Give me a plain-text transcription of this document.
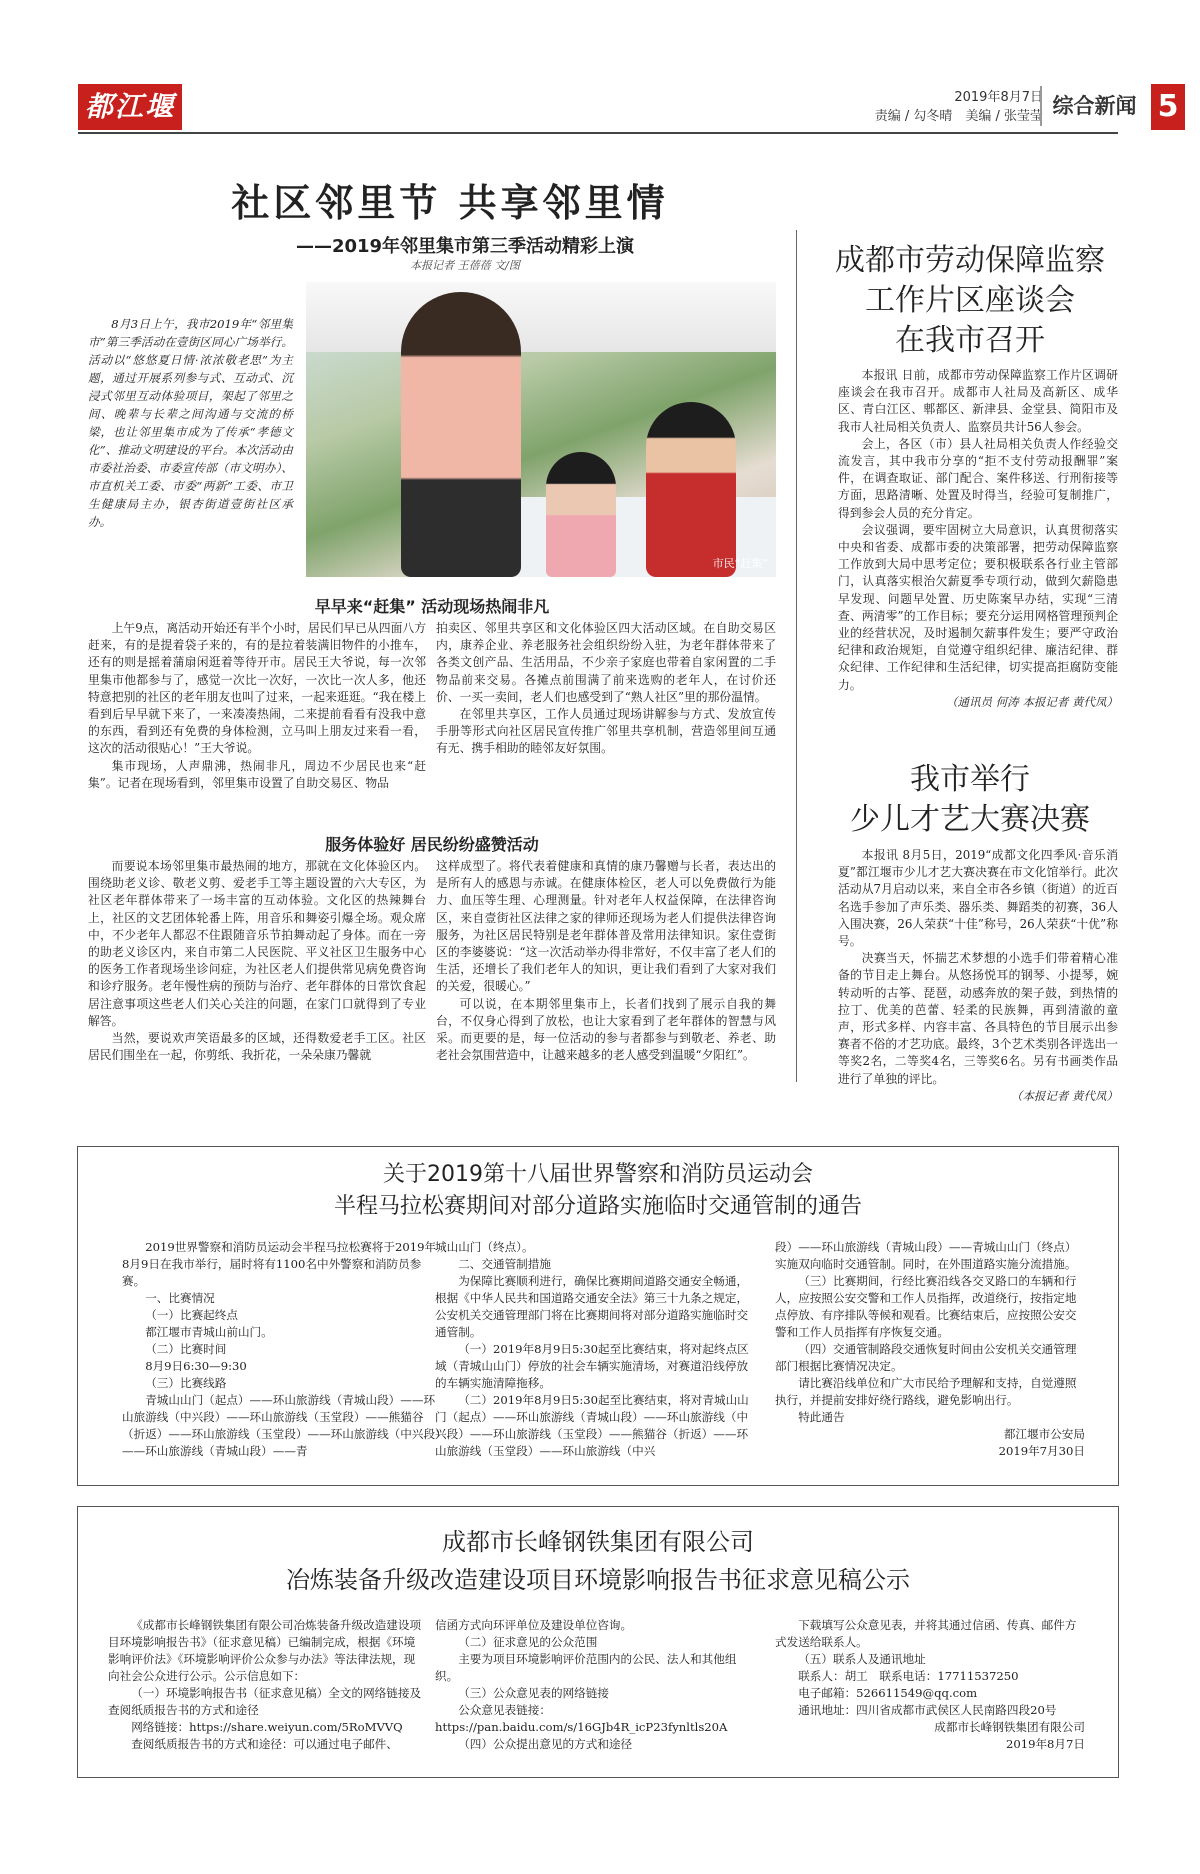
都江堰报
2019年8月7日
责编 / 勾冬晴　美编 / 张莹莹 综合新闻 5
社区邻里节 共享邻里情
——2019年邻里集市第三季活动精彩上演
本报记者 王蓓蓓 文/图

8月3日上午，我市2019年“邻里集市”第三季活动在壹街区同心广场举行。活动以“悠悠夏日情·浓浓敬老思”为主题，通过开展系列参与式、互动式、沉浸式邻里互动体验项目，架起了邻里之间、晚辈与长辈之间沟通与交流的桥梁，也让邻里集市成为了传承“孝德文化”、推动文明建设的平台。本次活动由市委社治委、市委宣传部（市文明办）、市直机关工委、市委“两新”工委、市卫生健康局主办，银杏街道壹街社区承办。

市民“赶集”
早早来“赶集” 活动现场热闹非凡

上午9点，离活动开始还有半个小时，居民们早已从四面八方赶来，有的是提着袋子来的，有的是拉着装满旧物件的小推车，还有的则是摇着蒲扇闲逛着等待开市。居民王大爷说，每一次邻里集市他都参与了，感觉一次比一次好，一次比一次人多，他还特意把别的社区的老年朋友也叫了过来，一起来逛逛。“我在楼上看到后早早就下来了，一来凑凑热闹，二来提前看看有没我中意的东西，看到还有免费的身体检测，立马叫上朋友过来看一看，这次的活动很贴心！”王大爷说。

集市现场，人声鼎沸，热闹非凡，周边不少居民也来“赶集”。记者在现场看到，邻里集市设置了自助交易区、物品

拍卖区、邻里共享区和文化体验区四大活动区域。在自助交易区内，康养企业、养老服务社会组织纷纷入驻，为老年群体带来了各类文创产品、生活用品，不少亲子家庭也带着自家闲置的二手物品前来交易。各摊点前围满了前来选购的老年人，在讨价还价、一买一卖间，老人们也感受到了“熟人社区”里的那份温情。

在邻里共享区，工作人员通过现场讲解参与方式、发放宣传手册等形式向社区居民宣传推广邻里共享机制，营造邻里间互通有无、携手相助的睦邻友好氛围。

服务体验好 居民纷纷盛赞活动

而要说本场邻里集市最热闹的地方，那就在文化体验区内。围绕助老义诊、敬老义剪、爱老手工等主题设置的六大专区，为社区老年群体带来了一场丰富的互动体验。文化区的热辣舞台上，社区的文艺团体轮番上阵，用音乐和舞姿引爆全场。观众席中，不少老年人都忍不住跟随音乐节拍舞动起了身体。而在一旁的助老义诊区内，来自市第二人民医院、平义社区卫生服务中心的医务工作者现场坐诊问症，为社区老人们提供常见病免费咨询和诊疗服务。老年慢性病的预防与治疗、老年群体的日常饮食起居注意事项这些老人们关心关注的问题，在家门口就得到了专业解答。

当然，要说欢声笑语最多的区域，还得数爱老手工区。社区居民们围坐在一起，你剪纸、我折花，一朵朵康乃馨就

这样成型了。将代表着健康和真情的康乃馨赠与长者，表达出的是所有人的感恩与赤诚。在健康体检区，老人可以免费做行为能力、血压等生理、心理测量。针对老年人权益保障，在法律咨询区，来自壹街社区法律之家的律师还现场为老人们提供法律咨询服务，为社区居民特别是老年群体普及常用法律知识。家住壹街区的李婆婆说：“这一次活动举办得非常好，不仅丰富了老人们的生活，还增长了我们老年人的知识，更让我们看到了大家对我们的关爱，很暖心。”

可以说，在本期邻里集市上，长者们找到了展示自我的舞台，不仅身心得到了放松，也让大家看到了老年群体的智慧与风采。而更要的是，每一位活动的参与者都参与到敬老、养老、助老社会氛围营造中，让越来越多的老人感受到温暖“夕阳红”。

成都市劳动保障监察
工作片区座谈会
在我市召开

本报讯 日前，成都市劳动保障监察工作片区调研座谈会在我市召开。成都市人社局及高新区、成华区、青白江区、郫都区、新津县、金堂县、简阳市及我市人社局相关负责人、监察员共计56人参会。

会上，各区（市）县人社局相关负责人作经验交流发言，其中我市分享的“拒不支付劳动报酬罪”案件，在调查取证、部门配合、案件移送、行刑衔接等方面，思路清晰、处置及时得当，经验可复制推广，得到参会人员的充分肯定。

会议强调，要牢固树立大局意识，认真贯彻落实中央和省委、成都市委的决策部署，把劳动保障监察工作放到大局中思考定位；要积极联系各行业主管部门，认真落实根治欠薪夏季专项行动，做到欠薪隐患早发现、问题早处置、历史陈案早办结，实现“三清查、两清零”的工作目标；要充分运用网格管理预判企业的经营状况，及时遏制欠薪事件发生；要严守政治纪律和政治规矩，自觉遵守组织纪律、廉洁纪律、群众纪律、工作纪律和生活纪律，切实提高拒腐防变能力。

（通讯员 何涛 本报记者 黄代凤）
我市举行
少儿才艺大赛决赛

本报讯 8月5日，2019“成都文化四季风·音乐消夏”都江堰市少儿才艺大赛决赛在市文化馆举行。此次活动从7月启动以来，来自全市各乡镇（街道）的近百名选手参加了声乐类、器乐类、舞蹈类的初赛，36人入围决赛，26人荣获“十佳”称号，26人荣获“十优”称号。

决赛当天，怀揣艺术梦想的小选手们带着精心准备的节目走上舞台。从悠扬悦耳的钢琴、小提琴，婉转动听的古筝、琵琶，动感奔放的架子鼓，到热情的拉丁、优美的芭蕾、轻柔的民族舞，再到清澈的童声，形式多样、内容丰富、各具特色的节目展示出参赛者不俗的才艺功底。最终，3个艺术类别各评选出一等奖2名，二等奖4名，三等奖6名。另有书画类作品进行了单独的评比。

（本报记者 黄代凤）
关于2019第十八届世界警察和消防员运动会
半程马拉松赛期间对部分道路实施临时交通管制的通告

2019世界警察和消防员运动会半程马拉松赛将于2019年8月9日在我市举行，届时将有1100名中外警察和消防员参赛。

一、比赛情况

（一）比赛起终点

都江堰市青城山前山门。

（二）比赛时间

8月9日6:30—9:30

（三）比赛线路

青城山山门（起点）——环山旅游线（青城山段）——环山旅游线（中兴段）——环山旅游线（玉堂段）——熊猫谷（折返）——环山旅游线（玉堂段）——环山旅游线（中兴段）——环山旅游线（青城山段）——青

城山山门（终点）。

二、交通管制措施

为保障比赛顺利进行，确保比赛期间道路交通安全畅通，根据《中华人民共和国道路交通安全法》第三十九条之规定，公安机关交通管理部门将在比赛期间将对部分道路实施临时交通管制。

（一）2019年8月9日5:30起至比赛结束，将对起终点区域（青城山山门）停放的社会车辆实施清场，对赛道沿线停放的车辆实施清障拖移。

（二）2019年8月9日5:30起至比赛结束，将对青城山山门（起点）——环山旅游线（青城山段）——环山旅游线（中兴段）——环山旅游线（玉堂段）——熊猫谷（折返）——环山旅游线（玉堂段）——环山旅游线（中兴

段）——环山旅游线（青城山段）——青城山山门（终点）实施双向临时交通管制。同时，在外围道路实施分流措施。

（三）比赛期间，行经比赛沿线各交叉路口的车辆和行人，应按照公安交警和工作人员指挥，改道绕行，按指定地点停放、有序排队等候和观看。比赛结束后，应按照公安交警和工作人员指挥有序恢复交通。

（四）交通管制路段交通恢复时间由公安机关交通管理部门根据比赛情况决定。

请比赛沿线单位和广大市民给予理解和支持，自觉遵照执行，并提前安排好绕行路线，避免影响出行。

特此通告

都江堰市公安局

2019年7月30日

成都市长峰钢铁集团有限公司
冶炼装备升级改造建设项目环境影响报告书征求意见稿公示

《成都市长峰钢铁集团有限公司冶炼装备升级改造建设项目环境影响报告书》（征求意见稿）已编制完成，根据《环境影响评价法》《环境影响评价公众参与办法》等法律法规，现向社会公众进行公示。公示信息如下：

（一）环境影响报告书（征求意见稿）全文的网络链接及查阅纸质报告书的方式和途径

网络链接：https://share.weiyun.com/5RoMVVQ

查阅纸质报告书的方式和途径：可以通过电子邮件、

信函方式向环评单位及建设单位咨询。

（二）征求意见的公众范围

主要为项目环境影响评价范围内的公民、法人和其他组织。

（三）公众意见表的网络链接

公众意见表链接：

https://pan.baidu.com/s/16GJb4R_icP23fynltls20A

（四）公众提出意见的方式和途径

下载填写公众意见表，并将其通过信函、传真、邮件方式发送给联系人。

（五）联系人及通讯地址

联系人：胡工　联系电话：17711537250

电子邮箱：526611549@qq.com

通讯地址：四川省成都市武侯区人民南路四段20号

成都市长峰钢铁集团有限公司

2019年8月7日
